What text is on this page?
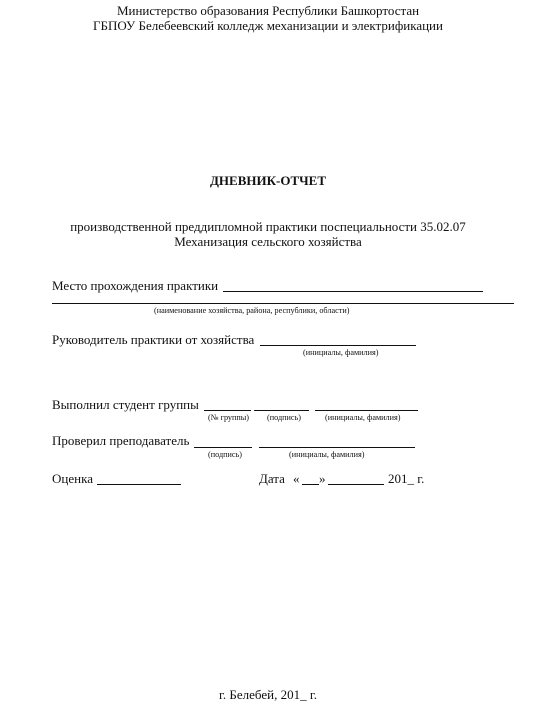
Министерство образования Республики Башкортостан
ГБПОУ Белебеевский колледж механизации и электрификации
ДНЕВНИК-ОТЧЕТ
производственной преддипломной практики поспециальности 35.02.07
Механизация сельского хозяйства
Место прохождения практики
(наименование хозяйства, района, республики, области)
Руководитель практики от хозяйства
(инициалы, фамилия)
Выполнил студент группы
(№ группы) (подпись)	(инициалы, фамилия)
Проверил преподаватель
(подпись)	(инициалы, фамилия)
Оценка	Дата « »	201_ г.
г. Белебей, 201_ г.
